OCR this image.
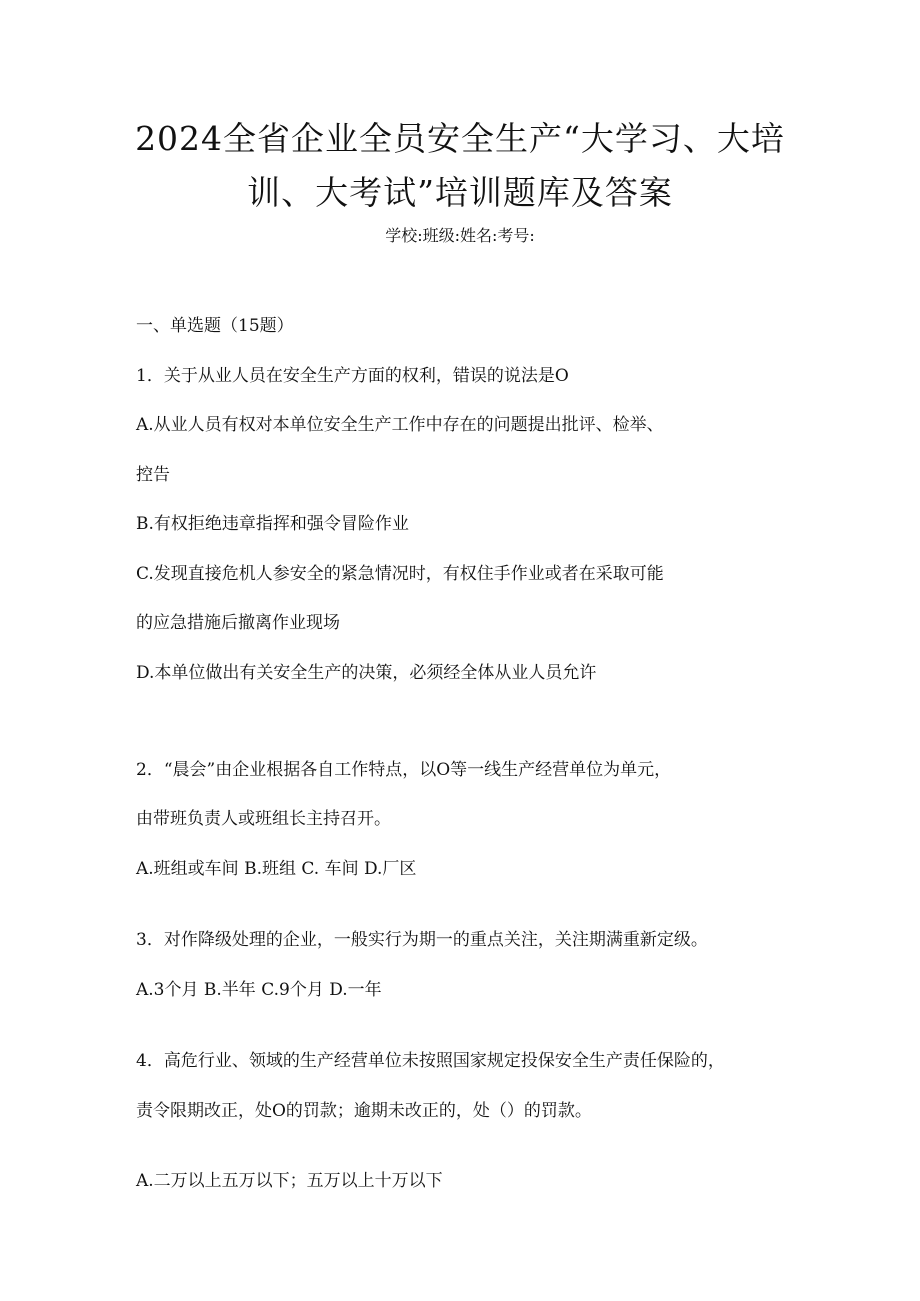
2024全省企业全员安全生产“大学习、大培
训、大考试”培训题库及答案
学校:班级:姓名:考号:
一、单选题（15题）
1．关于从业人员在安全生产方面的权利，错误的说法是O
A.从业人员有权对本单位安全生产工作中存在的问题提出批评、检举、
控告
B.有权拒绝违章指挥和强令冒险作业
C.发现直接危机人参安全的紧急情况时，有权住手作业或者在采取可能
的应急措施后撤离作业现场
D.本单位做出有关安全生产的决策，必须经全体从业人员允许
2．“晨会”由企业根据各自工作特点，以O等一线生产经营单位为单元，
由带班负责人或班组长主持召开。
A.班组或车间 B.班组 C. 车间 D.厂区
3．对作降级处理的企业，一般实行为期一的重点关注，关注期满重新定级。
A.3个月 B.半年 C.9个月 D.一年
4．高危行业、领域的生产经营单位未按照国家规定投保安全生产责任保险的，
责令限期改正，处O的罚款；逾期未改正的，处（）的罚款。
A.二万以上五万以下；五万以上十万以下
